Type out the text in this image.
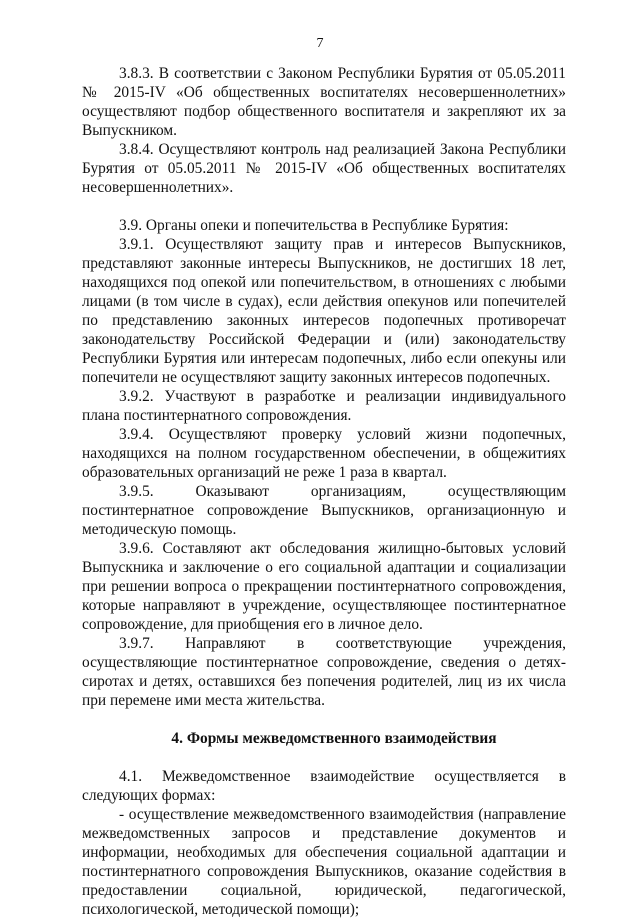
7

3.8.3. В соответствии с Законом Республики Бурятия от 05.05.2011 № 2015-IV «Об общественных воспитателях несовершеннолетних» осуществляют подбор общественного воспитателя и закрепляют их за Выпускником.

3.8.4. Осуществляют контроль над реализацией Закона Республики Бурятия от 05.05.2011 № 2015-IV «Об общественных воспитателях несовершеннолетних».

3.9. Органы опеки и попечительства в Республике Бурятия:

3.9.1. Осуществляют защиту прав и интересов Выпускников, представляют законные интересы Выпускников, не достигших 18 лет, находящихся под опекой или попечительством, в отношениях с любыми лицами (в том числе в судах), если действия опекунов или попечителей по представлению законных интересов подопечных противоречат законодательству Российской Федерации и (или) законодательству Республики Бурятия или интересам подопечных, либо если опекуны или попечители не осуществляют защиту законных интересов подопечных.

3.9.2. Участвуют в разработке и реализации индивидуального плана постинтернатного сопровождения.

3.9.4. Осуществляют проверку условий жизни подопечных, находящихся на полном государственном обеспечении, в общежитиях образовательных организаций не реже 1 раза в квартал.

3.9.5. Оказывают организациям, осуществляющим постинтернатное сопровождение Выпускников, организационную и методическую помощь.

3.9.6. Составляют акт обследования жилищно-бытовых условий Выпускника и заключение о его социальной адаптации и социализации при решении вопроса о прекращении постинтернатного сопровождения, которые направляют в учреждение, осуществляющее постинтернатное сопровождение, для приобщения его в личное дело.

3.9.7. Направляют в соответствующие учреждения, осуществляющие постинтернатное сопровождение, сведения о детях-сиротах и детях, оставшихся без попечения родителей, лиц из их числа при перемене ими места жительства.

4. Формы межведомственного взаимодействия

4.1. Межведомственное взаимодействие осуществляется в следующих формах:

- осуществление межведомственного взаимодействия (направление межведомственных запросов и представление документов и информации, необходимых для обеспечения социальной адаптации и постинтернатного сопровождения Выпускников, оказание содействия в предоставлении социальной, юридической, педагогической, психологической, методической помощи);
